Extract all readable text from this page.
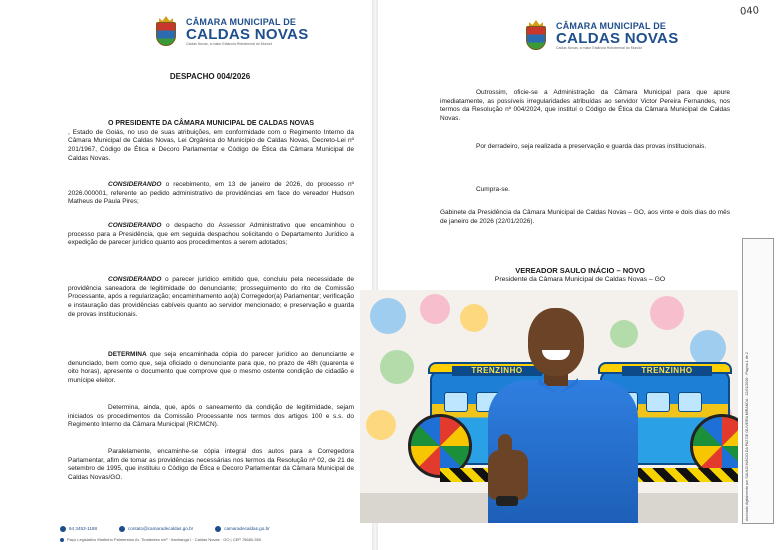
CÂMARA MUNICIPAL DE
CALDAS NOVAS
Caldas Novas, a maior Estância Hidrotermal do Mundo!
DESPACHO 004/2026

O PRESIDENTE DA CÂMARA MUNICIPAL DE CALDAS NOVAS
, Estado de Goiás, no uso de suas atribuições, em conformidade com o Regimento Interno da Câmara Municipal de Caldas Novas, Lei Orgânica do Município de Caldas Novas, Decreto-Lei nº 201/1967, Código de Ética e Decoro Parlamentar e Código de Ética da Câmara Municipal de Caldas Novas.

CONSIDERANDO o recebimento, em 13 de janeiro de 2026, do processo nº 2026.000001, referente ao pedido administrativo de providências em face do vereador Hudson Matheus de Paula Pires;

CONSIDERANDO o despacho do Assessor Administrativo que encaminhou o processo para a Presidência, que em seguida despachou solicitando o Departamento Jurídico a expedição de parecer jurídico quanto aos procedimentos a serem adotados;

CONSIDERANDO o parecer jurídico emitido que, concluiu pela necessidade de providência saneadora de legitimidade do denunciante; prosseguimento do rito de Comissão Processante, após a regularização; encaminhamento ao(à) Corregedor(a) Parlamentar; verificação e instauração das providências cabíveis quanto ao servidor mencionado; e preservação e guarda de provas institucionais.

DETERMINA que seja encaminhada cópia do parecer jurídico ao denunciante e denunciado, bem como que, seja oficiado o denunciante para que, no prazo de 48h (quarenta e oito horas), apresente o documento que comprove que o mesmo ostente condição de cidadão e munícipe eleitor.

Determina, ainda, que, após o saneamento da condição de legitimidade, sejam iniciados os procedimentos da Comissão Processante nos termos dos artigos 100 e s.s. do Regimento Interno da Câmara Municipal (RICMCN).

Paralelamente, encaminhe-se cópia integral dos autos para a Corregedora Parlamentar, afim de tomar as providências necessárias nos termos da Resolução nº 02, de 21 de setembro de 1995, que instituiu o Código de Ética e Decoro Parlamentar da Câmara Municipal de Caldas Novas/GO.

64 3453-1188	contato@camaradecaldas.go.br	camaradecaldas.go.br
Paço Legislativo Martinho Palmerston Ar. Tiradentes s/nº · Itanhangá I · Caldas Novas · GO | CEP 75680-350
CÂMARA MUNICIPAL DE
CALDAS NOVAS
Caldas Novas, a maior Estância Hidrotermal do Mundo!
040

Outrossim, oficie-se a Administração da Câmara Municipal para que apure imediatamente, as possíveis irregularidades atribuídas ao servidor Victor Pereira Fernandes, nos termos da Resolução nº 004/2024, que instituí o Código de Ética da Câmara Municipal de Caldas Novas.

Por derradeiro, seja realizada a preservação e guarda das provas institucionais.

Cumpra-se.

Gabinete da Presidência da Câmara Municipal de Caldas Novas – GO, aos vinte e dois dias do mês de janeiro de 2026 (22/01/2026).

VEREADOR SAULO INÁCIO – NOVO
Presidente da Câmara Municipal de Caldas Novas – GO
Assinado digitalmente por SAULO INÁCIO DA PAZ DE OLIVEIRA MIRANDA · 22/01/2026 · Página 1 de 2
TRENZINHO	TRENZINHO
